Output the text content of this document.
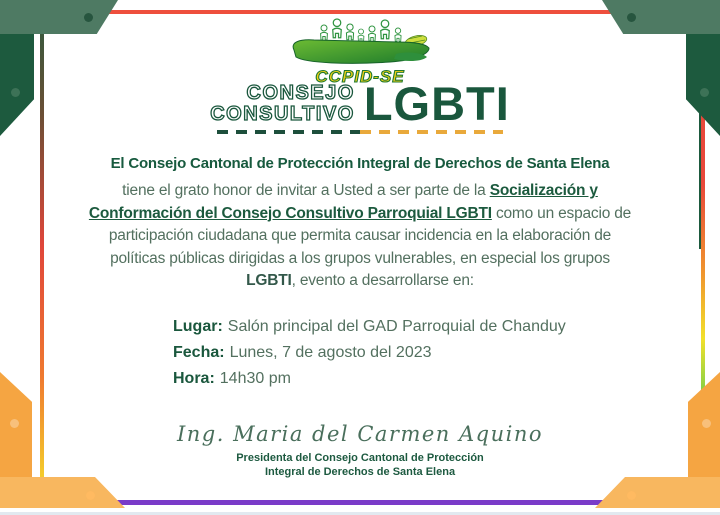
CCPID-SE
CONSEJO
CONSULTIVO LGBTI
El Consejo Cantonal de Protección Integral de Derechos de Santa Elena
tiene el grato honor de invitar a Usted a ser parte de la Socialización y Conformación del Consejo Consultivo Parroquial LGBTI como un espacio de participación ciudadana que permita causar incidencia en la elaboración de políticas públicas dirigidas a los grupos vulnerables, en especial los grupos LGBTI, evento a desarrollarse en:
Lugar: Salón principal del GAD Parroquial de Chanduy
Fecha: Lunes, 7 de agosto del 2023
Hora: 14h30 pm
Ing. Maria del Carmen Aquino
Presidenta del Consejo Cantonal de Protección
Integral de Derechos de Santa Elena
